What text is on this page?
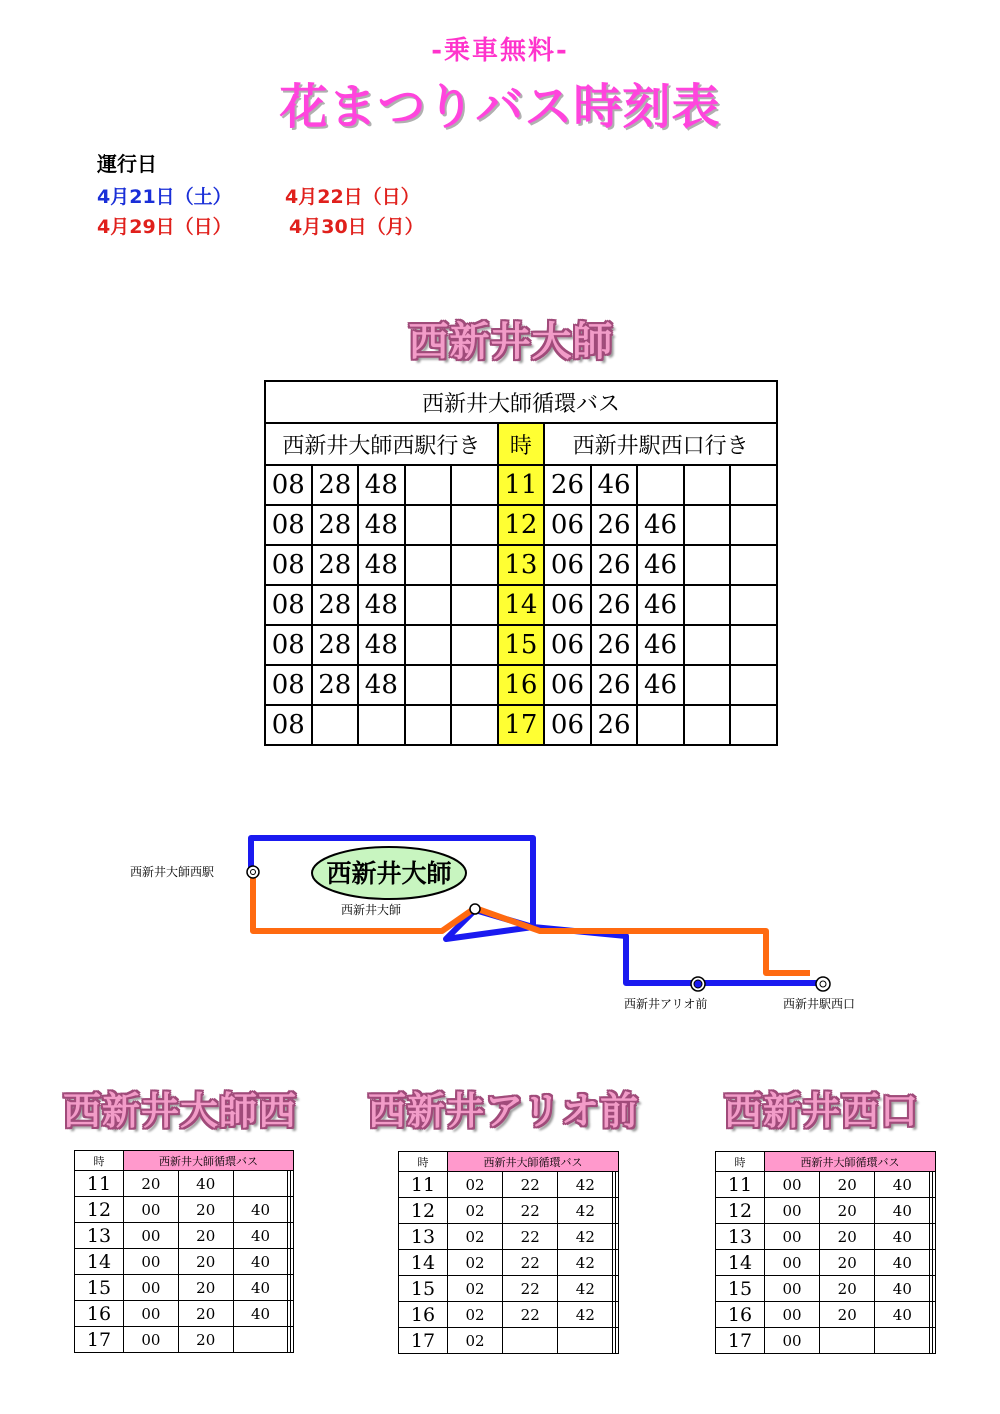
-乗車無料-
花まつりバス時刻表
運行日
4月21日（土）	4月22日（日）
4月29日（日）	4月30日（月）
西新井大師
西新井大師循環バス										
西新井大師西駅行き					時	西新井駅西口行き				
08	28	48			11	26	46			
08	28	48			12	06	26	46		
08	28	48			13	06	26	46		
08	28	48			14	06	26	46		
08	28	48			15	06	26	46		
08	28	48			16	06	26	46		
08					17	06	26			
西新井大師
西新井大師西駅
西新井大師
西新井アリオ前	西新井駅西口
西新井大師西 西新井アリオ前 西新井西口
時	西新井大師循環バス				
11	20	40			
12	00	20	40		
13	00	20	40		
14	00	20	40		
15	00	20	40		
16	00	20	40		
17	00	20			
時	西新井大師循環バス				
11	02	22	42		
12	02	22	42		
13	02	22	42		
14	02	22	42		
15	02	22	42		
16	02	22	42		
17	02				
時	西新井大師循環バス				
11	00	20	40		
12	00	20	40		
13	00	20	40		
14	00	20	40		
15	00	20	40		
16	00	20	40		
17	00				
